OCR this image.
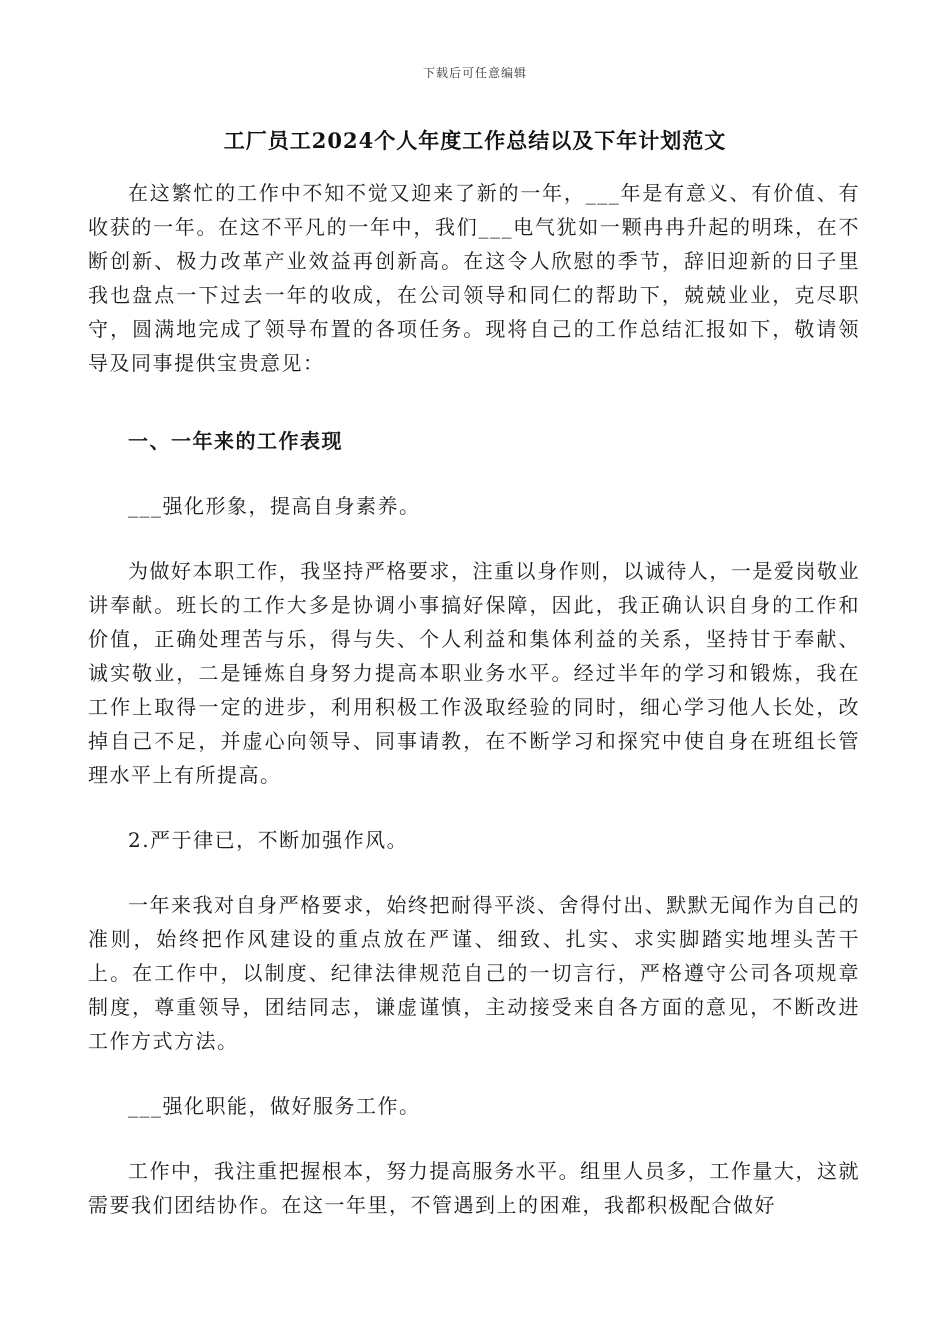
下载后可任意编辑
工厂员工2024个人年度工作总结以及下年计划范文

在这繁忙的工作中不知不觉又迎来了新的一年，___年是有意义、有价值、有收获的一年。在这不平凡的一年中，我们___电气犹如一颗冉冉升起的明珠，在不断创新、极力改革产业效益再创新高。在这令人欣慰的季节，辞旧迎新的日子里我也盘点一下过去一年的收成，在公司领导和同仁的帮助下，兢兢业业，克尽职守，圆满地完成了领导布置的各项任务。现将自己的工作总结汇报如下，敬请领导及同事提供宝贵意见：

一、一年来的工作表现

___强化形象，提高自身素养。

为做好本职工作，我坚持严格要求，注重以身作则，以诚待人，一是爱岗敬业讲奉献。班长的工作大多是协调小事搞好保障，因此，我正确认识自身的工作和价值，正确处理苦与乐，得与失、个人利益和集体利益的关系，坚持甘于奉献、诚实敬业，二是锤炼自身努力提高本职业务水平。经过半年的学习和锻炼，我在工作上取得一定的进步，利用积极工作汲取经验的同时，细心学习他人长处，改掉自己不足，并虚心向领导、同事请教，在不断学习和探究中使自身在班组长管理水平上有所提高。

2.严于律已，不断加强作风。

一年来我对自身严格要求，始终把耐得平淡、舍得付出、默默无闻作为自己的准则，始终把作风建设的重点放在严谨、细致、扎实、求实脚踏实地埋头苦干上。在工作中，以制度、纪律法律规范自己的一切言行，严格遵守公司各项规章制度，尊重领导，团结同志，谦虚谨慎，主动接受来自各方面的意见，不断改进工作方式方法。

___强化职能，做好服务工作。

工作中，我注重把握根本，努力提高服务水平。组里人员多，工作量大，这就需要我们团结协作。在这一年里，不管遇到上的困难，我都积极配合做好
